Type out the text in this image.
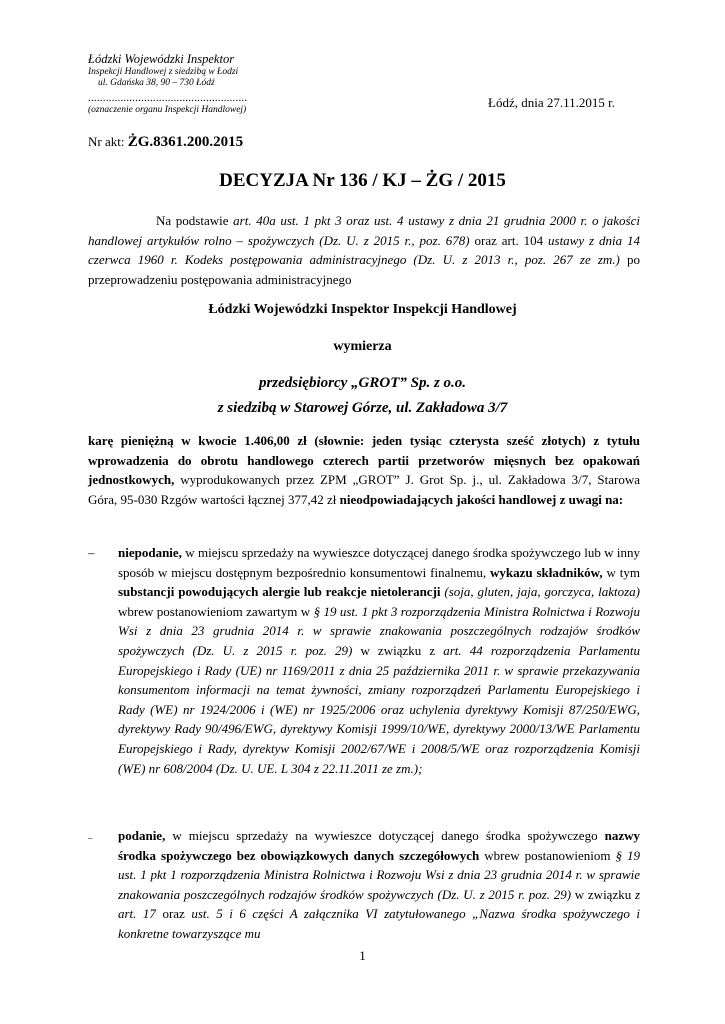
Łódzki Wojewódzki Inspektor
Inspekcji Handlowej z siedzibą w Łodzi
ul. Gdańska 38, 90 – 730 Łódź
......................................................
(oznaczenie organu Inspekcji Handlowej)	Łódź, dnia 27.11.2015 r.
Nr akt: ŻG.8361.200.2015
DECYZJA Nr 136 / KJ – ŻG / 2015

Na podstawie art. 40a ust. 1 pkt 3 oraz ust. 4 ustawy z dnia 21 grudnia 2000 r. o jakości handlowej artykułów rolno – spożywczych (Dz. U. z 2015 r., poz. 678) oraz art. 104 ustawy z dnia 14 czerwca 1960 r. Kodeks postępowania administracyjnego (Dz. U. z 2013 r., poz. 267 ze zm.) po przeprowadzeniu postępowania administracyjnego

Łódzki Wojewódzki Inspektor Inspekcji Handlowej
wymierza
przedsiębiorcy „GROT” Sp. z o.o.
z siedzibą w Starowej Górze, ul. Zakładowa 3/7

karę pieniężną w kwocie 1.406,00 zł (słownie: jeden tysiąc czterysta sześć złotych) z tytułu wprowadzenia do obrotu handlowego czterech partii przetworów mięsnych bez opakowań jednostkowych, wyprodukowanych przez ZPM „GROT” J. Grot Sp. j., ul. Zakładowa 3/7, Starowa Góra, 95-030 Rzgów wartości łącznej 377,42 zł nieodpowiadających jakości handlowej z uwagi na:

–	niepodanie, w miejscu sprzedaży na wywieszce dotyczącej danego środka spożywczego lub w inny sposób w miejscu dostępnym bezpośrednio konsumentowi finalnemu, wykazu składników, w tym substancji powodujących alergie lub reakcje nietolerancji (soja, gluten, jaja, gorczyca, laktoza) wbrew postanowieniom zawartym w § 19 ust. 1 pkt 3 rozporządzenia Ministra Rolnictwa i Rozwoju Wsi z dnia 23 grudnia 2014 r. w sprawie znakowania poszczególnych rodzajów środków spożywczych (Dz. U. z 2015 r. poz. 29) w związku z art. 44 rozporządzenia Parlamentu Europejskiego i Rady (UE) nr 1169/2011 z dnia 25 października 2011 r. w sprawie przekazywania konsumentom informacji na temat żywności, zmiany rozporządzeń Parlamentu Europejskiego i Rady (WE) nr 1924/2006 i (WE) nr 1925/2006 oraz uchylenia dyrektywy Komisji 87/250/EWG, dyrektywy Rady 90/496/EWG, dyrektywy Komisji 1999/10/WE, dyrektywy 2000/13/WE Parlamentu Europejskiego i Rady, dyrektyw Komisji 2002/67/WE i 2008/5/WE oraz rozporządzenia Komisji (WE) nr 608/2004 (Dz. U. UE. L 304 z 22.11.2011 ze zm.);
–	podanie, w miejscu sprzedaży na wywieszce dotyczącej danego środka spożywczego nazwy środka spożywczego bez obowiązkowych danych szczegółowych wbrew postanowieniom § 19 ust. 1 pkt 1 rozporządzenia Ministra Rolnictwa i Rozwoju Wsi z dnia 23 grudnia 2014 r. w sprawie znakowania poszczególnych rodzajów środków spożywczych (Dz. U. z 2015 r. poz. 29) w związku z art. 17 oraz ust. 5 i 6 części A załącznika VI zatytułowanego „Nazwa środka spożywczego i konkretne towarzyszące mu
1
